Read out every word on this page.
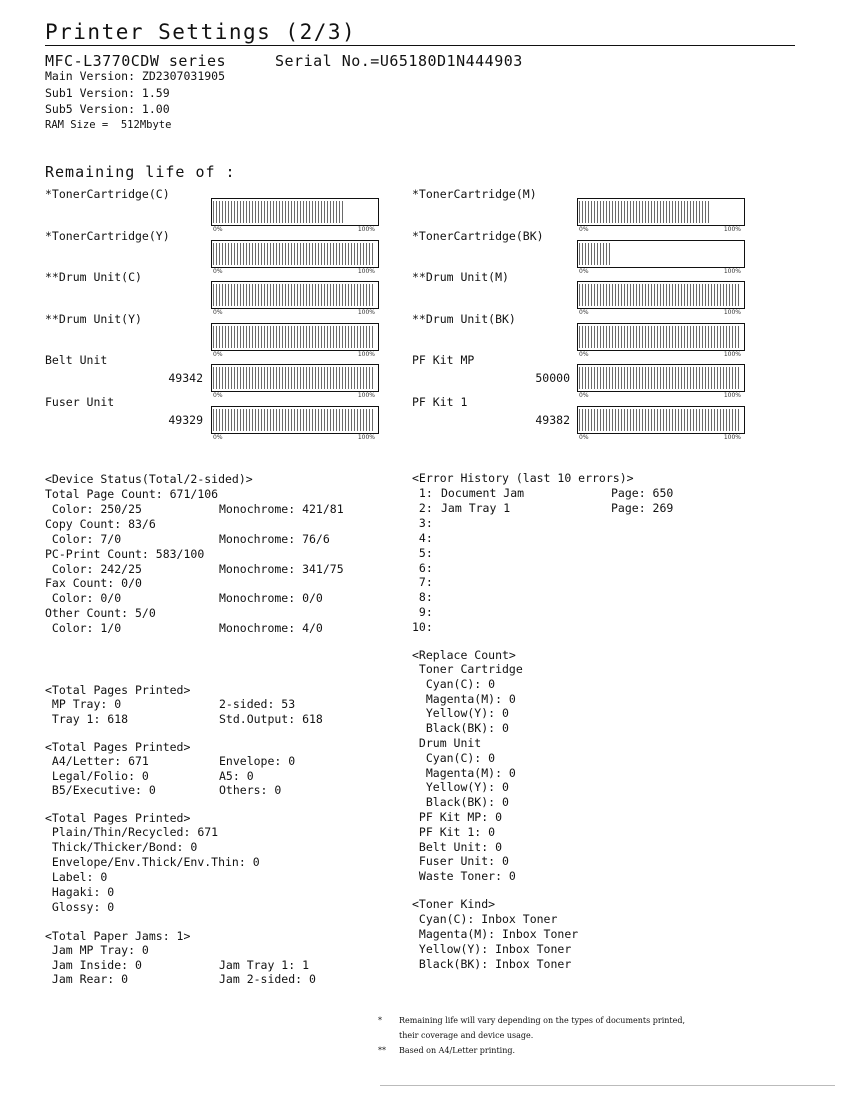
Printer Settings (2/3)
MFC-L3770CDW series	Serial No.=U65180D1N444903
Main Version: ZD2307031905
Sub1 Version: 1.59
Sub5 Version: 1.00
RAM Size =  512Mbyte
Remaining life of :
*TonerCartridge(C)
0%	100%
*TonerCartridge(Y)
0%	100%
**Drum Unit(C)
0%	100%
**Drum Unit(Y)
0%	100%
Belt Unit
49342
0%	100%
Fuser Unit
49329
0%	100%
*TonerCartridge(M)
0%	100%
*TonerCartridge(BK)
0%	100%
**Drum Unit(M)
0%	100%
**Drum Unit(BK)
0%	100%
PF Kit MP
50000
0%	100%
PF Kit 1
49382
0%	100%
<Device Status(Total/2-sided)>
Total Page Count: 671/106
Color: 250/25	Monochrome: 421/81
Copy Count: 83/6
Color: 7/0	Monochrome: 76/6
PC-Print Count: 583/100
Color: 242/25	Monochrome: 341/75
Fax Count: 0/0
Color: 0/0	Monochrome: 0/0
Other Count: 5/0
Color: 1/0	Monochrome: 4/0
<Error History (last 10 errors)>
1: Document Jam	Page: 650
2: Jam Tray 1	Page: 269
3:
4:
5:
6:
7:
8:
9:
10:
<Total Pages Printed>
MP Tray: 0	2-sided: 53
Tray 1: 618	Std.Output: 618
<Total Pages Printed>
A4/Letter: 671	Envelope: 0
Legal/Folio: 0	A5: 0
B5/Executive: 0	Others: 0
<Total Pages Printed>
Plain/Thin/Recycled: 671
Thick/Thicker/Bond: 0
Envelope/Env.Thick/Env.Thin: 0
Label: 0
Hagaki: 0
Glossy: 0
<Total Paper Jams: 1>
Jam MP Tray: 0
Jam Inside: 0	Jam Tray 1: 1
Jam Rear: 0	Jam 2-sided: 0
<Replace Count>
Toner Cartridge
Cyan(C): 0
Magenta(M): 0
Yellow(Y): 0
Black(BK): 0
Drum Unit
Cyan(C): 0
Magenta(M): 0
Yellow(Y): 0
Black(BK): 0
PF Kit MP: 0
PF Kit 1: 0
Belt Unit: 0
Fuser Unit: 0
Waste Toner: 0
<Toner Kind>
Cyan(C): Inbox Toner
Magenta(M): Inbox Toner
Yellow(Y): Inbox Toner
Black(BK): Inbox Toner
* Remaining life will vary depending on the types of documents printed,
their coverage and device usage.
** Based on A4/Letter printing.
